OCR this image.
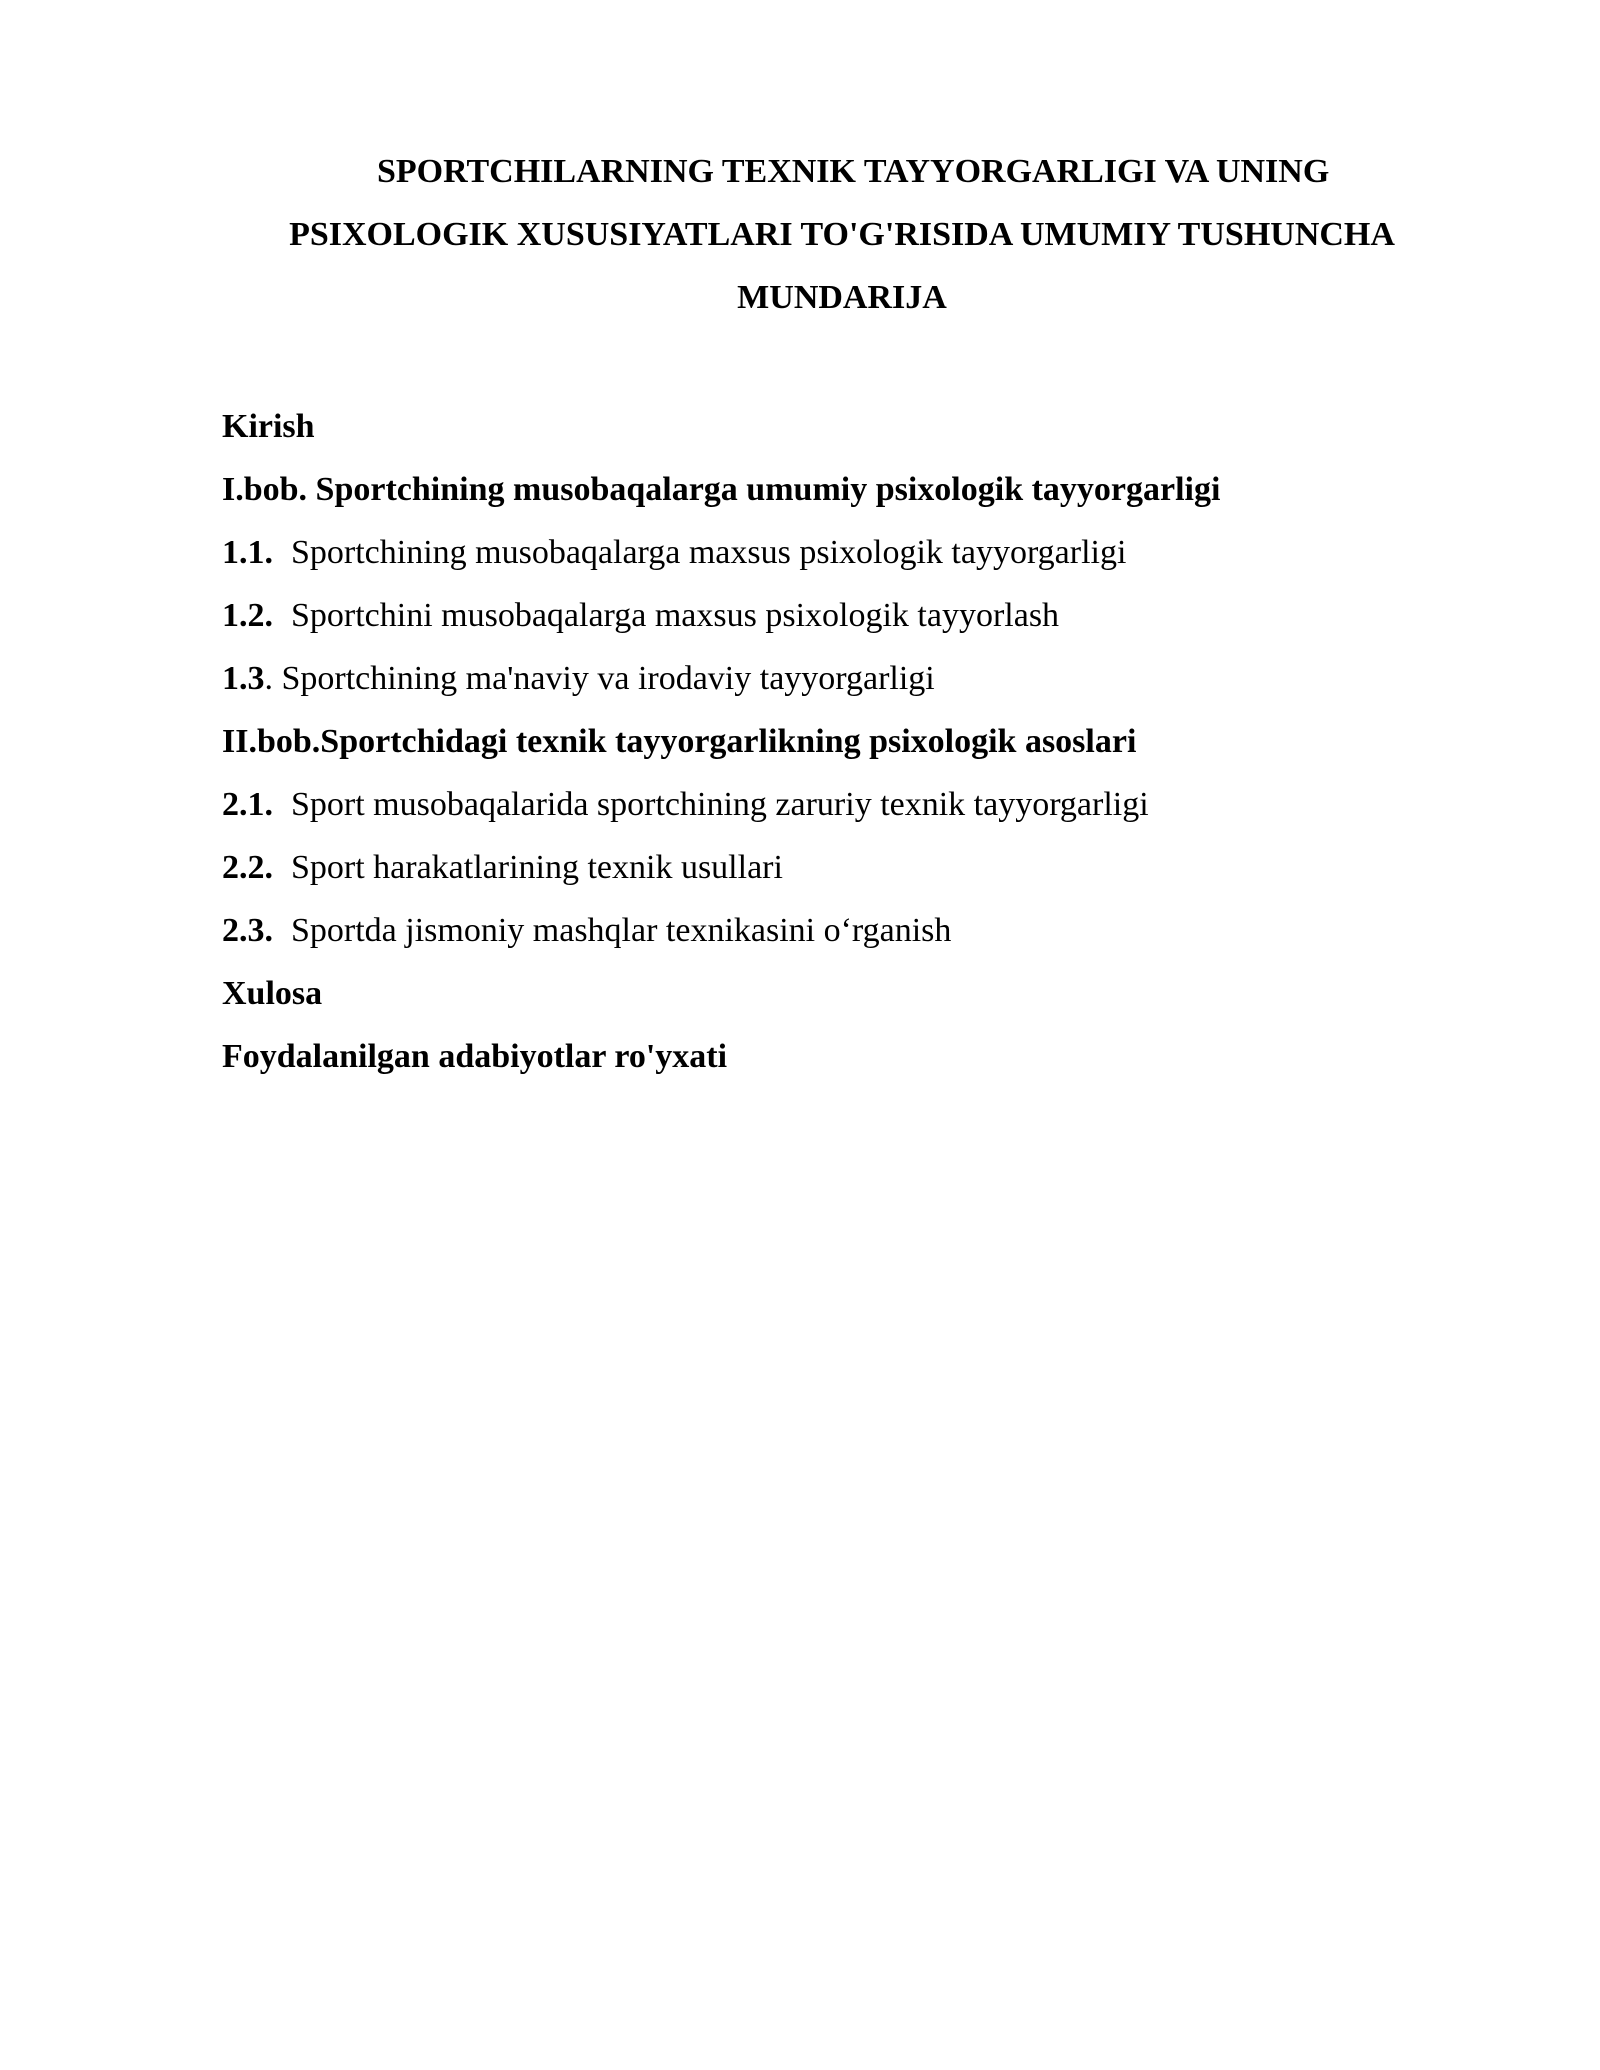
SPORTCHILARNING TEXNIK TAYYORGARLIGI VA UNING
PSIXOLOGIK XUSUSIYATLARI TO'G'RISIDA UMUMIY TUSHUNCHA
MUNDARIJA
Kirish
I.bob. Sportchining musobaqalarga umumiy psixologik tayyorgarligi
1.1. Sportchining musobaqalarga maxsus psixologik tayyorgarligi
1.2. Sportchini musobaqalarga maxsus psixologik tayyorlash
1.3. Sportchining ma'naviy va irodaviy tayyorgarligi
II.bob.Sportchidagi texnik tayyorgarlikning psixologik asoslari
2.1. Sport musobaqalarida sportchining zaruriy texnik tayyorgarligi
2.2. Sport harakatlarining texnik usullari
2.3. Sportda jismoniy mashqlar texnikasini o‘rganish
Xulosa
Foydalanilgan adabiyotlar ro'yxati
